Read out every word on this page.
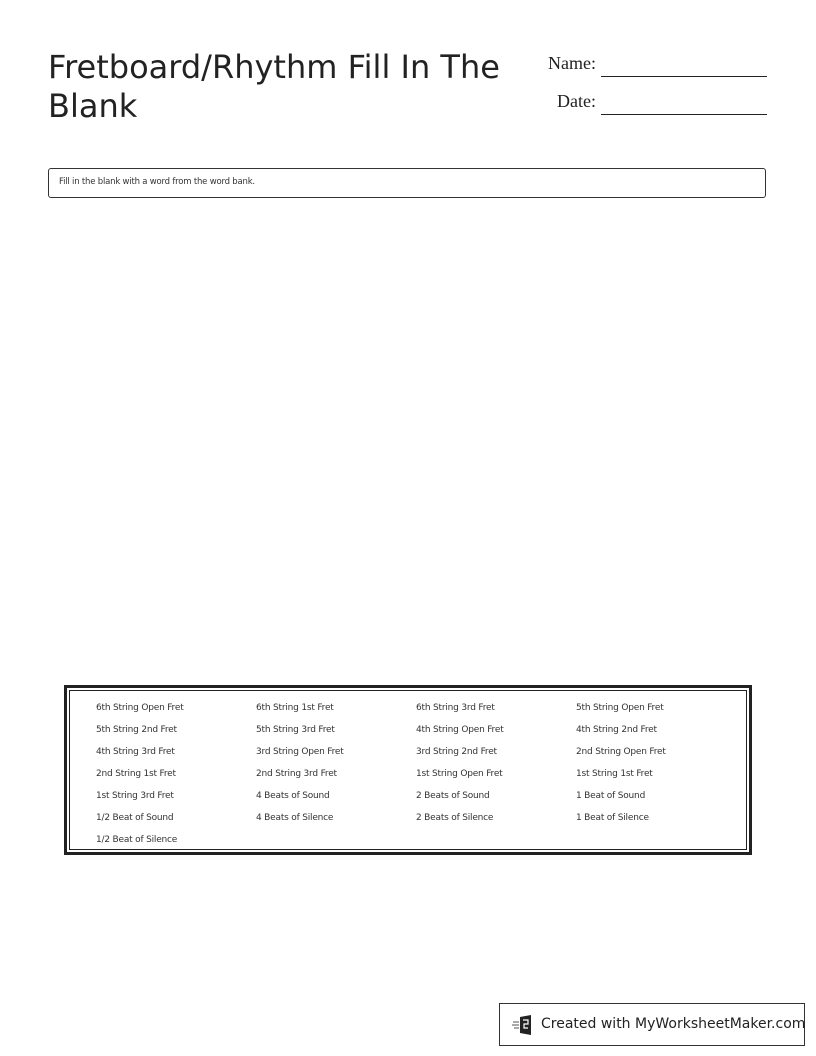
Fretboard/Rhythm Fill In The Blank
Name:
Date:
Fill in the blank with a word from the word bank.
6th String Open Fret	6th String 1st Fret	6th String 3rd Fret	5th String Open Fret
5th String 2nd Fret	5th String 3rd Fret	4th String Open Fret	4th String 2nd Fret
4th String 3rd Fret	3rd String Open Fret	3rd String 2nd Fret	2nd String Open Fret
2nd String 1st Fret	2nd String 3rd Fret	1st String Open Fret	1st String 1st Fret
1st String 3rd Fret	4 Beats of Sound	2 Beats of Sound	1 Beat of Sound
1/2 Beat of Sound	4 Beats of Silence	2 Beats of Silence	1 Beat of Silence
1/2 Beat of Silence
Created with MyWorksheetMaker.com
